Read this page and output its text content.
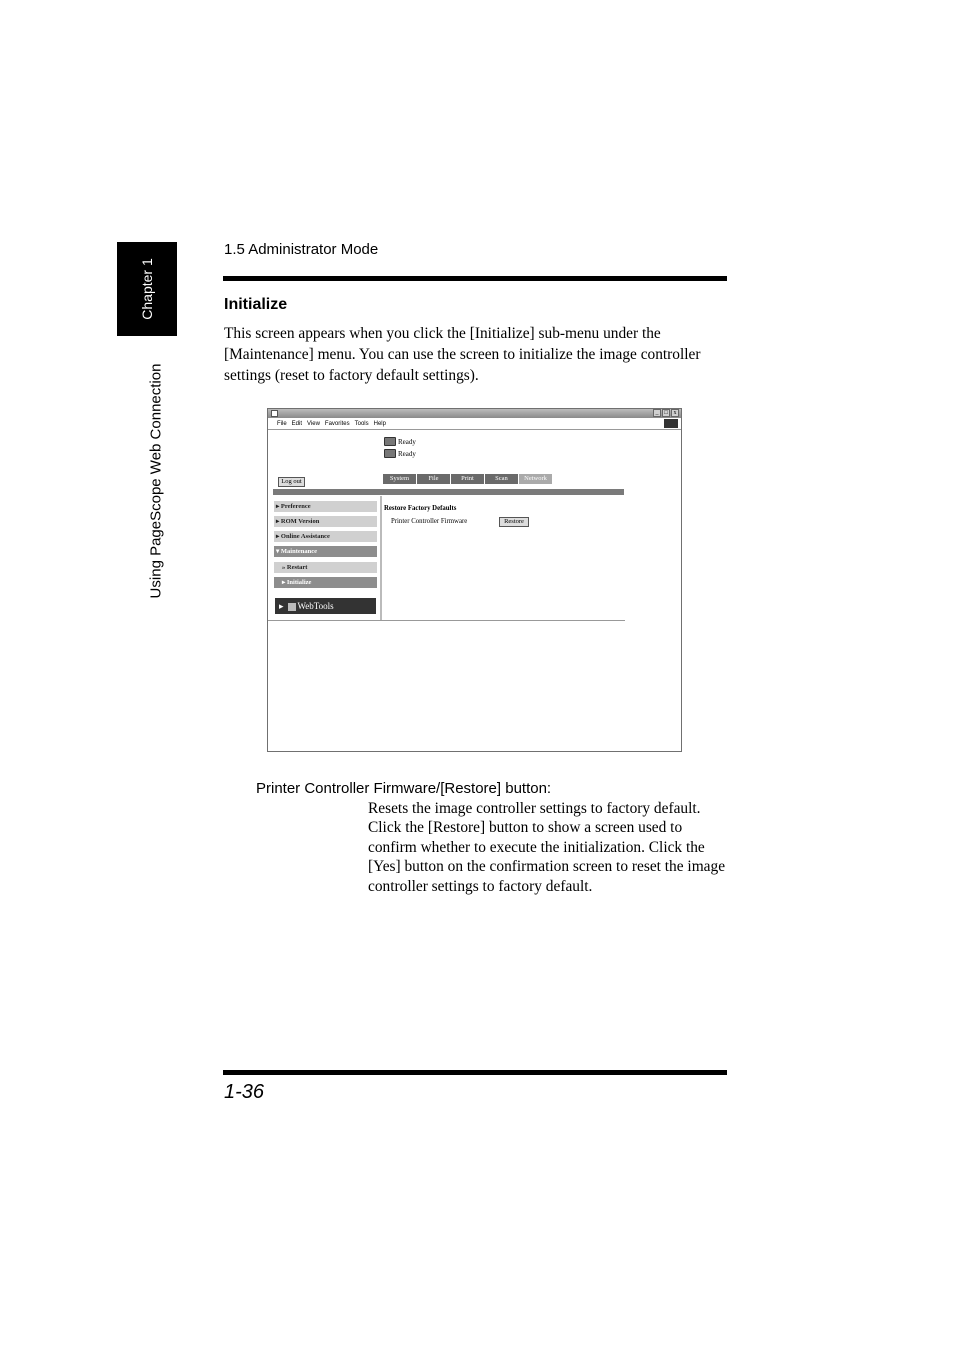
Chapter 1
Using PageScope Web Connection
1.5 Administrator Mode
Initialize

This screen appears when you click the [Initialize] sub-menu under the [Maintenance] menu. You can use the screen to initialize the image controller settings (reset to factory default settings).

_ □ x
File Edit View Favorites Tools Help
Ready
Ready
Log out	System	File	Print	Scan	Network
▸ Preference
▸ ROM Version
▸ Online Assistance
▾ Maintenance
» Restart
▸ Initialize
▸ WebTools
Restore Factory Defaults
Printer Controller Firmware	Restore
Printer Controller Firmware/[Restore] button:

Resets the image controller settings to factory default. Click the [Restore] button to show a screen used to confirm whether to execute the initialization. Click the [Yes] button on the confirmation screen to reset the image controller settings to factory default.

1-36
